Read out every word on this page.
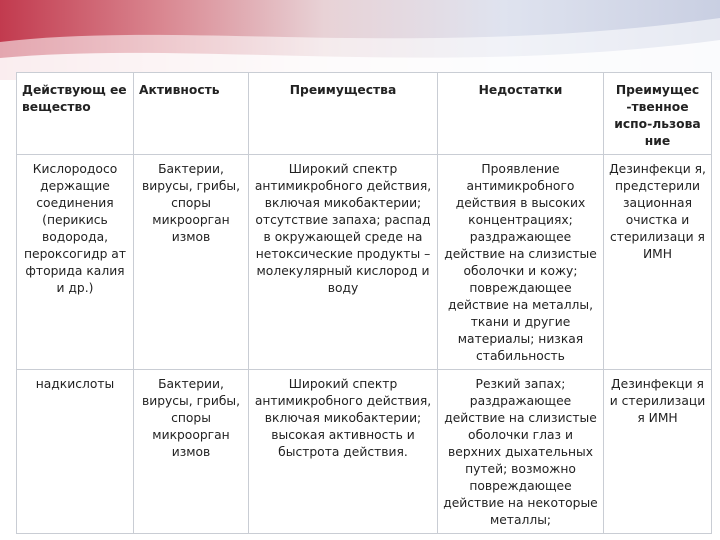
Действующ ее вещество	Активность	Преимущества	Недостатки	Преимущес -твенное испо-льзова ние
Кислородосо держащие соединения (перикись водорода, пероксогидр ат фторида калия и др.)	Бактерии, вирусы, грибы, споры микроорган измов	Широкий спектр антимикробного действия, включая микобактерии; отсутствие запаха; распад в окружающей среде на нетоксические продукты – молекулярный кислород и воду	Проявление антимикробного действия в высоких концентрациях; раздражающее действие на слизистые оболочки и кожу; повреждающее действие на металлы, ткани и другие материалы; низкая стабильность	Дезинфекци я, предстерили зационная очистка и стерилизаци я ИМН
надкислоты	Бактерии, вирусы, грибы, споры микроорган измов	Широкий спектр антимикробного действия, включая микобактерии; высокая активность и быстрота действия.	Резкий запах; раздражающее действие на слизистые оболочки глаз и верхних дыхательных путей; возможно повреждающее действие на некоторые металлы;	Дезинфекци я и стерилизаци я ИМН
